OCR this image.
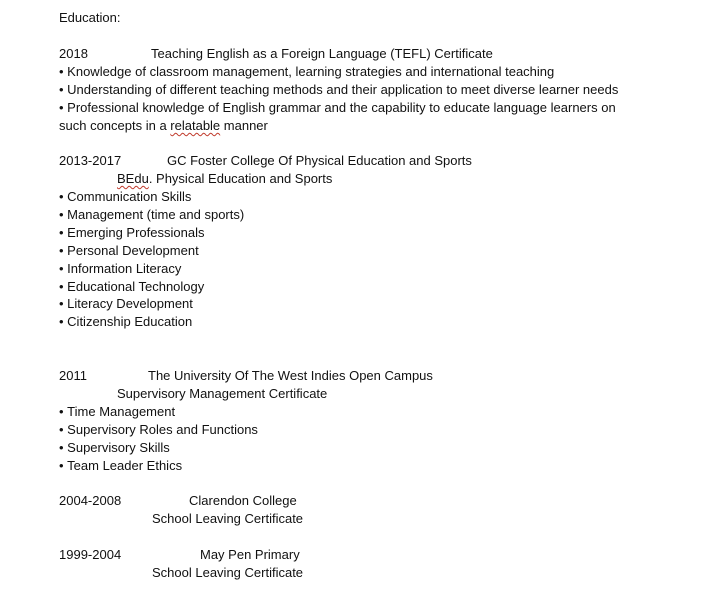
Education:
2018	Teaching English as a Foreign Language (TEFL) Certificate
• Knowledge of classroom management, learning strategies and international teaching
• Understanding of different teaching methods and their application to meet diverse learner needs
• Professional knowledge of English grammar and the capability to educate language learners on
such concepts in a relatable manner
2013-2017	GC Foster College Of Physical Education and Sports
BEdu. Physical Education and Sports
• Communication Skills
• Management (time and sports)
• Emerging Professionals
• Personal Development
• Information Literacy
• Educational Technology
• Literacy Development
• Citizenship Education
2011	The University Of The West Indies Open Campus
Supervisory Management Certificate
• Time Management
• Supervisory Roles and Functions
• Supervisory Skills
• Team Leader Ethics
2004-2008	Clarendon College
School Leaving Certificate
1999-2004	May Pen Primary
School Leaving Certificate
